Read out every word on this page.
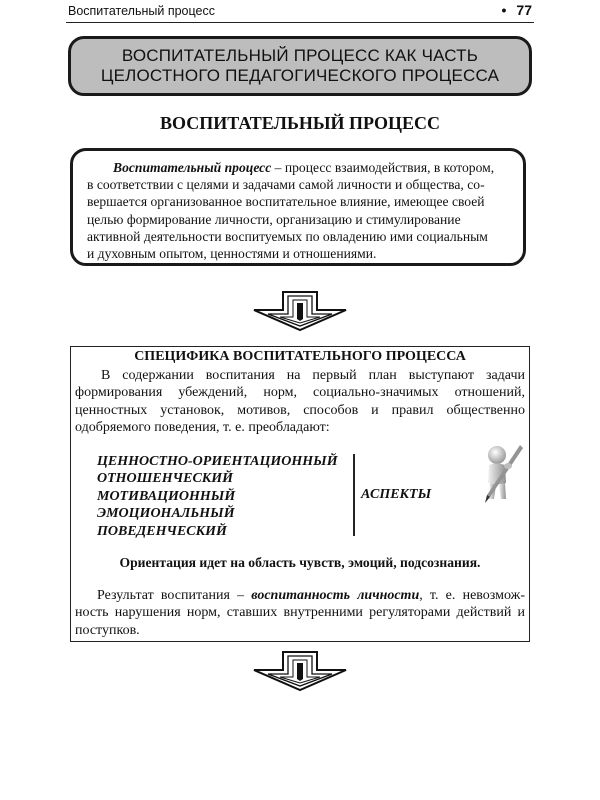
Воспитательный процесс	• 77
ВОСПИТАТЕЛЬНЫЙ ПРОЦЕСС КАК ЧАСТЬ
ЦЕЛОСТНОГО ПЕДАГОГИЧЕСКОГО ПРОЦЕССА
ВОСПИТАТЕЛЬНЫЙ ПРОЦЕСС
Воспитательный процесс – процесс взаимодействия, в котором,
в соответствии с целями и задачами самой личности и общества, со-
вершается организованное воспитательное влияние, имеющее своей
целью формирование личности, организацию и стимулирование
активной деятельности воспитуемых по овладению ими социальным
и духовным опытом, ценностями и отношениями.
СПЕЦИФИКА ВОСПИТАТЕЛЬНОГО ПРОЦЕССА
В содержании воспитания на первый план выступают задачи формирования убеждений, норм, социально-значимых отношений, ценностных установок, мотивов, способов и правил общественно одобряемого поведения, т. е. преобладают:
ЦЕННОСТНО-ОРИЕНТАЦИОННЫЙ
ОТНОШЕНЧЕСКИЙ
МОТИВАЦИОННЫЙ
ЭМОЦИОНАЛЬНЫЙ
ПОВЕДЕНЧЕСКИЙ
АСПЕКТЫ
Ориентация идет на область чувств, эмоций, подсознания.
Результат воспитания – воспитанность личности, т. е. невозмож-ность нарушения норм, ставших внутренними регуляторами действий и поступков.
